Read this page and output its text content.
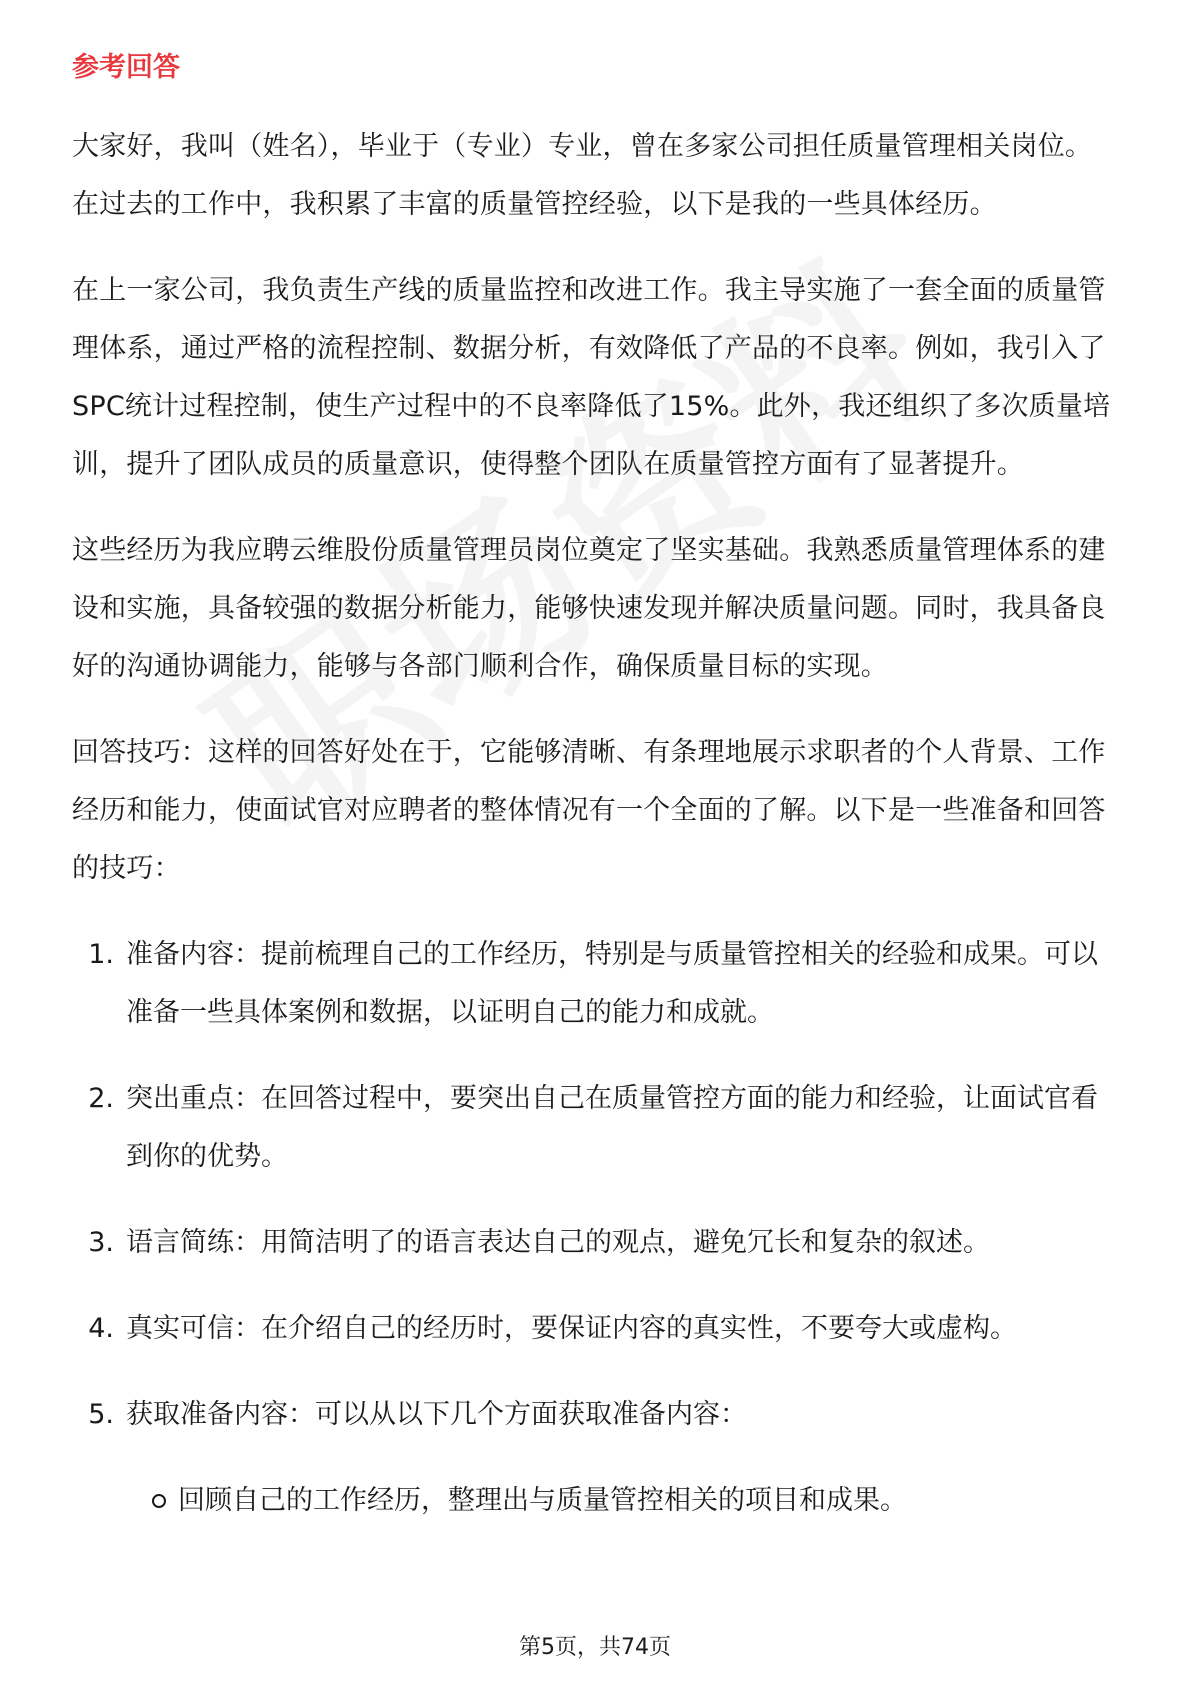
参考回答

大家好，我叫（姓名），毕业于（专业）专业，曾在多家公司担任质量管理相关岗位。在过去的工作中，我积累了丰富的质量管控经验，以下是我的一些具体经历。

在上一家公司，我负责生产线的质量监控和改进工作。我主导实施了一套全面的质量管理体系，通过严格的流程控制、数据分析，有效降低了产品的不良率。例如，我引入了SPC统计过程控制，使生产过程中的不良率降低了15%。此外，我还组织了多次质量培训，提升了团队成员的质量意识，使得整个团队在质量管控方面有了显著提升。

这些经历为我应聘云维股份质量管理员岗位奠定了坚实基础。我熟悉质量管理体系的建设和实施，具备较强的数据分析能力，能够快速发现并解决质量问题。同时，我具备良好的沟通协调能力，能够与各部门顺利合作，确保质量目标的实现。

回答技巧：这样的回答好处在于，它能够清晰、有条理地展示求职者的个人背景、工作经历和能力，使面试官对应聘者的整体情况有一个全面的了解。以下是一些准备和回答的技巧：

1. 准备内容：提前梳理自己的工作经历，特别是与质量管控相关的经验和成果。可以准备一些具体案例和数据，以证明自己的能力和成就。
2. 突出重点：在回答过程中，要突出自己在质量管控方面的能力和经验，让面试官看到你的优势。
3. 语言简练：用简洁明了的语言表达自己的观点，避免冗长和复杂的叙述。
4. 真实可信：在介绍自己的经历时，要保证内容的真实性，不要夸大或虚构。
5. 获取准备内容：可以从以下几个方面获取准备内容：
回顾自己的工作经历，整理出与质量管控相关的项目和成果。
第5页，共74页
